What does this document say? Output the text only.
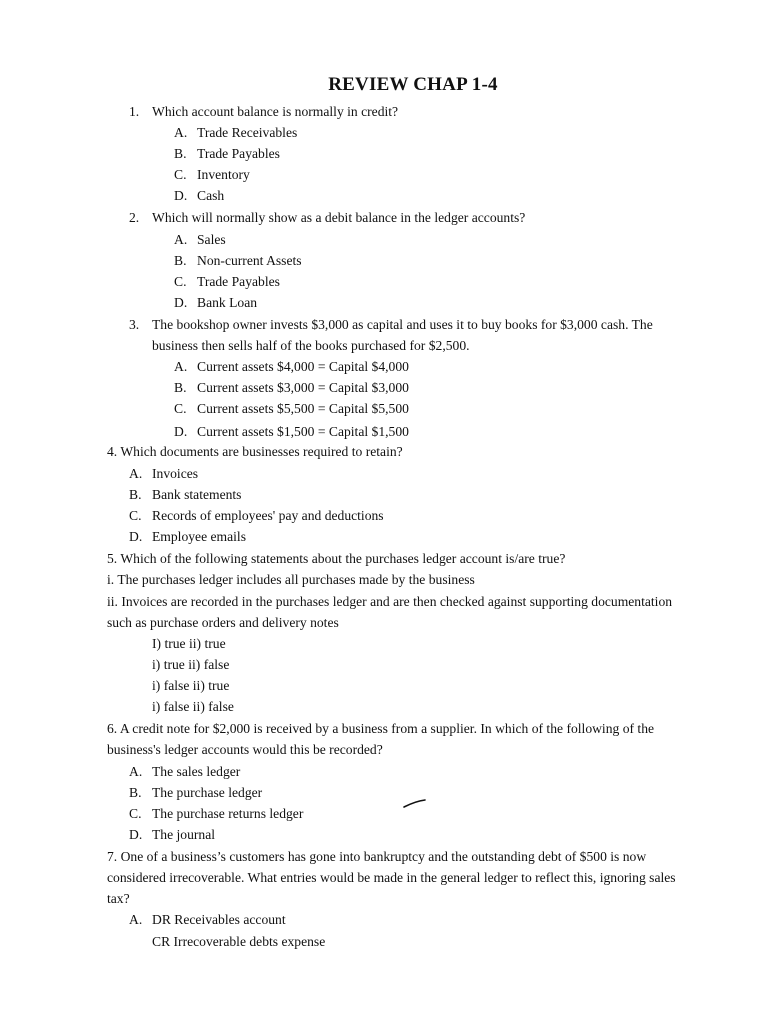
REVIEW CHAP 1-4
1. Which account balance is normally in credit?
A. Trade Receivables
B. Trade Payables
C. Inventory
D. Cash
2. Which will normally show as a debit balance in the ledger accounts?
A. Sales
B. Non-current Assets
C. Trade Payables
D. Bank Loan
3. The bookshop owner invests $3,000 as capital and uses it to buy books for $3,000 cash. The
business then sells half of the books purchased for $2,500.
A. Current assets $4,000 = Capital $4,000
B. Current assets $3,000 = Capital $3,000
C. Current assets $5,500 = Capital $5,500
D. Current assets $1,500 = Capital $1,500
4. Which documents are businesses required to retain?
A. Invoices
B. Bank statements
C. Records of employees' pay and deductions
D. Employee emails
5. Which of the following statements about the purchases ledger account is/are true?
i. The purchases ledger includes all purchases made by the business
ii. Invoices are recorded in the purchases ledger and are then checked against supporting documentation
such as purchase orders and delivery notes
I) true ii) true
i) true ii) false
i) false ii) true
i) false ii) false
6. A credit note for $2,000 is received by a business from a supplier. In which of the following of the
business's ledger accounts would this be recorded?
A. The sales ledger
B. The purchase ledger
C. The purchase returns ledger
D. The journal
7. One of a business’s customers has gone into bankruptcy and the outstanding debt of $500 is now
considered irrecoverable. What entries would be made in the general ledger to reflect this, ignoring sales
tax?
A. DR Receivables account
CR Irrecoverable debts expense
